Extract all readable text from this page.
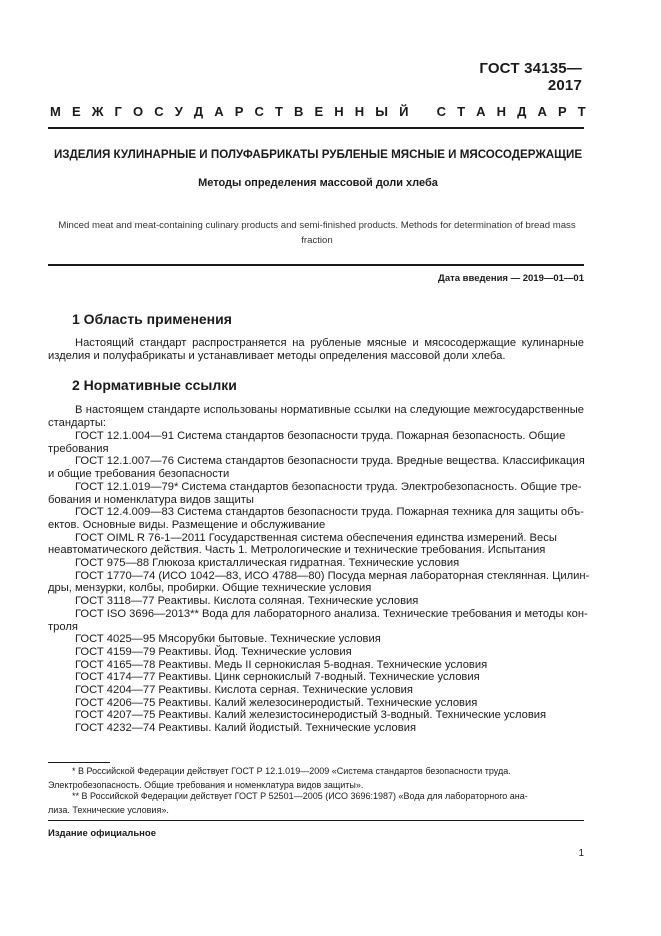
ГОСТ 34135—2017
М Е Ж Г О С У Д А Р С Т В Е Н Н Ы Й С Т А Н Д А Р Т
ИЗДЕЛИЯ КУЛИНАРНЫЕ И ПОЛУФАБРИКАТЫ РУБЛЕНЫЕ МЯСНЫЕ И МЯСОСОДЕРЖАЩИЕ
Методы определения массовой доли хлеба
Minced meat and meat-containing culinary products and semi-finished products. Methods for determination of bread mass fraction
Дата введения — 2019—01—01
1 Область применения
Настоящий стандарт распространяется на рубленые мясные и мясосодержащие кулинарные изделия и полуфабрикаты и устанавливает методы определения массовой доли хлеба.
2 Нормативные ссылки
В настоящем стандарте использованы нормативные ссылки на следующие межгосударственные стандарты:
ГОСТ 12.1.004—91 Система стандартов безопасности труда. Пожарная безопасность. Общие
требования
ГОСТ 12.1.007—76 Система стандартов безопасности труда. Вредные вещества. Классификация
и общие требования безопасности
ГОСТ 12.1.019—79* Система стандартов безопасности труда. Электробезопасность. Общие тре-
бования и номенклатура видов защиты
ГОСТ 12.4.009—83 Система стандартов безопасности труда. Пожарная техника для защиты объ-
ектов. Основные виды. Размещение и обслуживание
ГОСТ OIML R 76-1—2011 Государственная система обеспечения единства измерений. Весы
неавтоматического действия. Часть 1. Метрологические и технические требования. Испытания
ГОСТ 975—88 Глюкоза кристаллическая гидратная. Технические условия
ГОСТ 1770—74 (ИСО 1042—83, ИСО 4788—80) Посуда мерная лабораторная стеклянная. Цилин-
дры, мензурки, колбы, пробирки. Общие технические условия
ГОСТ 3118—77 Реактивы. Кислота соляная. Технические условия
ГОСТ ISO 3696—2013** Вода для лабораторного анализа. Технические требования и методы кон-
троля
ГОСТ 4025—95 Мясорубки бытовые. Технические условия
ГОСТ 4159—79 Реактивы. Йод. Технические условия
ГОСТ 4165—78 Реактивы. Медь II сернокислая 5-водная. Технические условия
ГОСТ 4174—77 Реактивы. Цинк сернокислый 7-водный. Технические условия
ГОСТ 4204—77 Реактивы. Кислота серная. Технические условия
ГОСТ 4206—75 Реактивы. Калий железосинеродистый. Технические условия
ГОСТ 4207—75 Реактивы. Калий железистосинеродистый 3-водный. Технические условия
ГОСТ 4232—74 Реактивы. Калий йодистый. Технические условия
* В Российской Федерации действует ГОСТ Р 12.1.019—2009 «Система стандартов безопасности труда.
Электробезопасность. Общие требования и номенклатура видов защиты».
** В Российской Федерации действует ГОСТ Р 52501—2005 (ИСО 3696:1987) «Вода для лабораторного ана-
лиза. Технические условия».
Издание официальное
1
